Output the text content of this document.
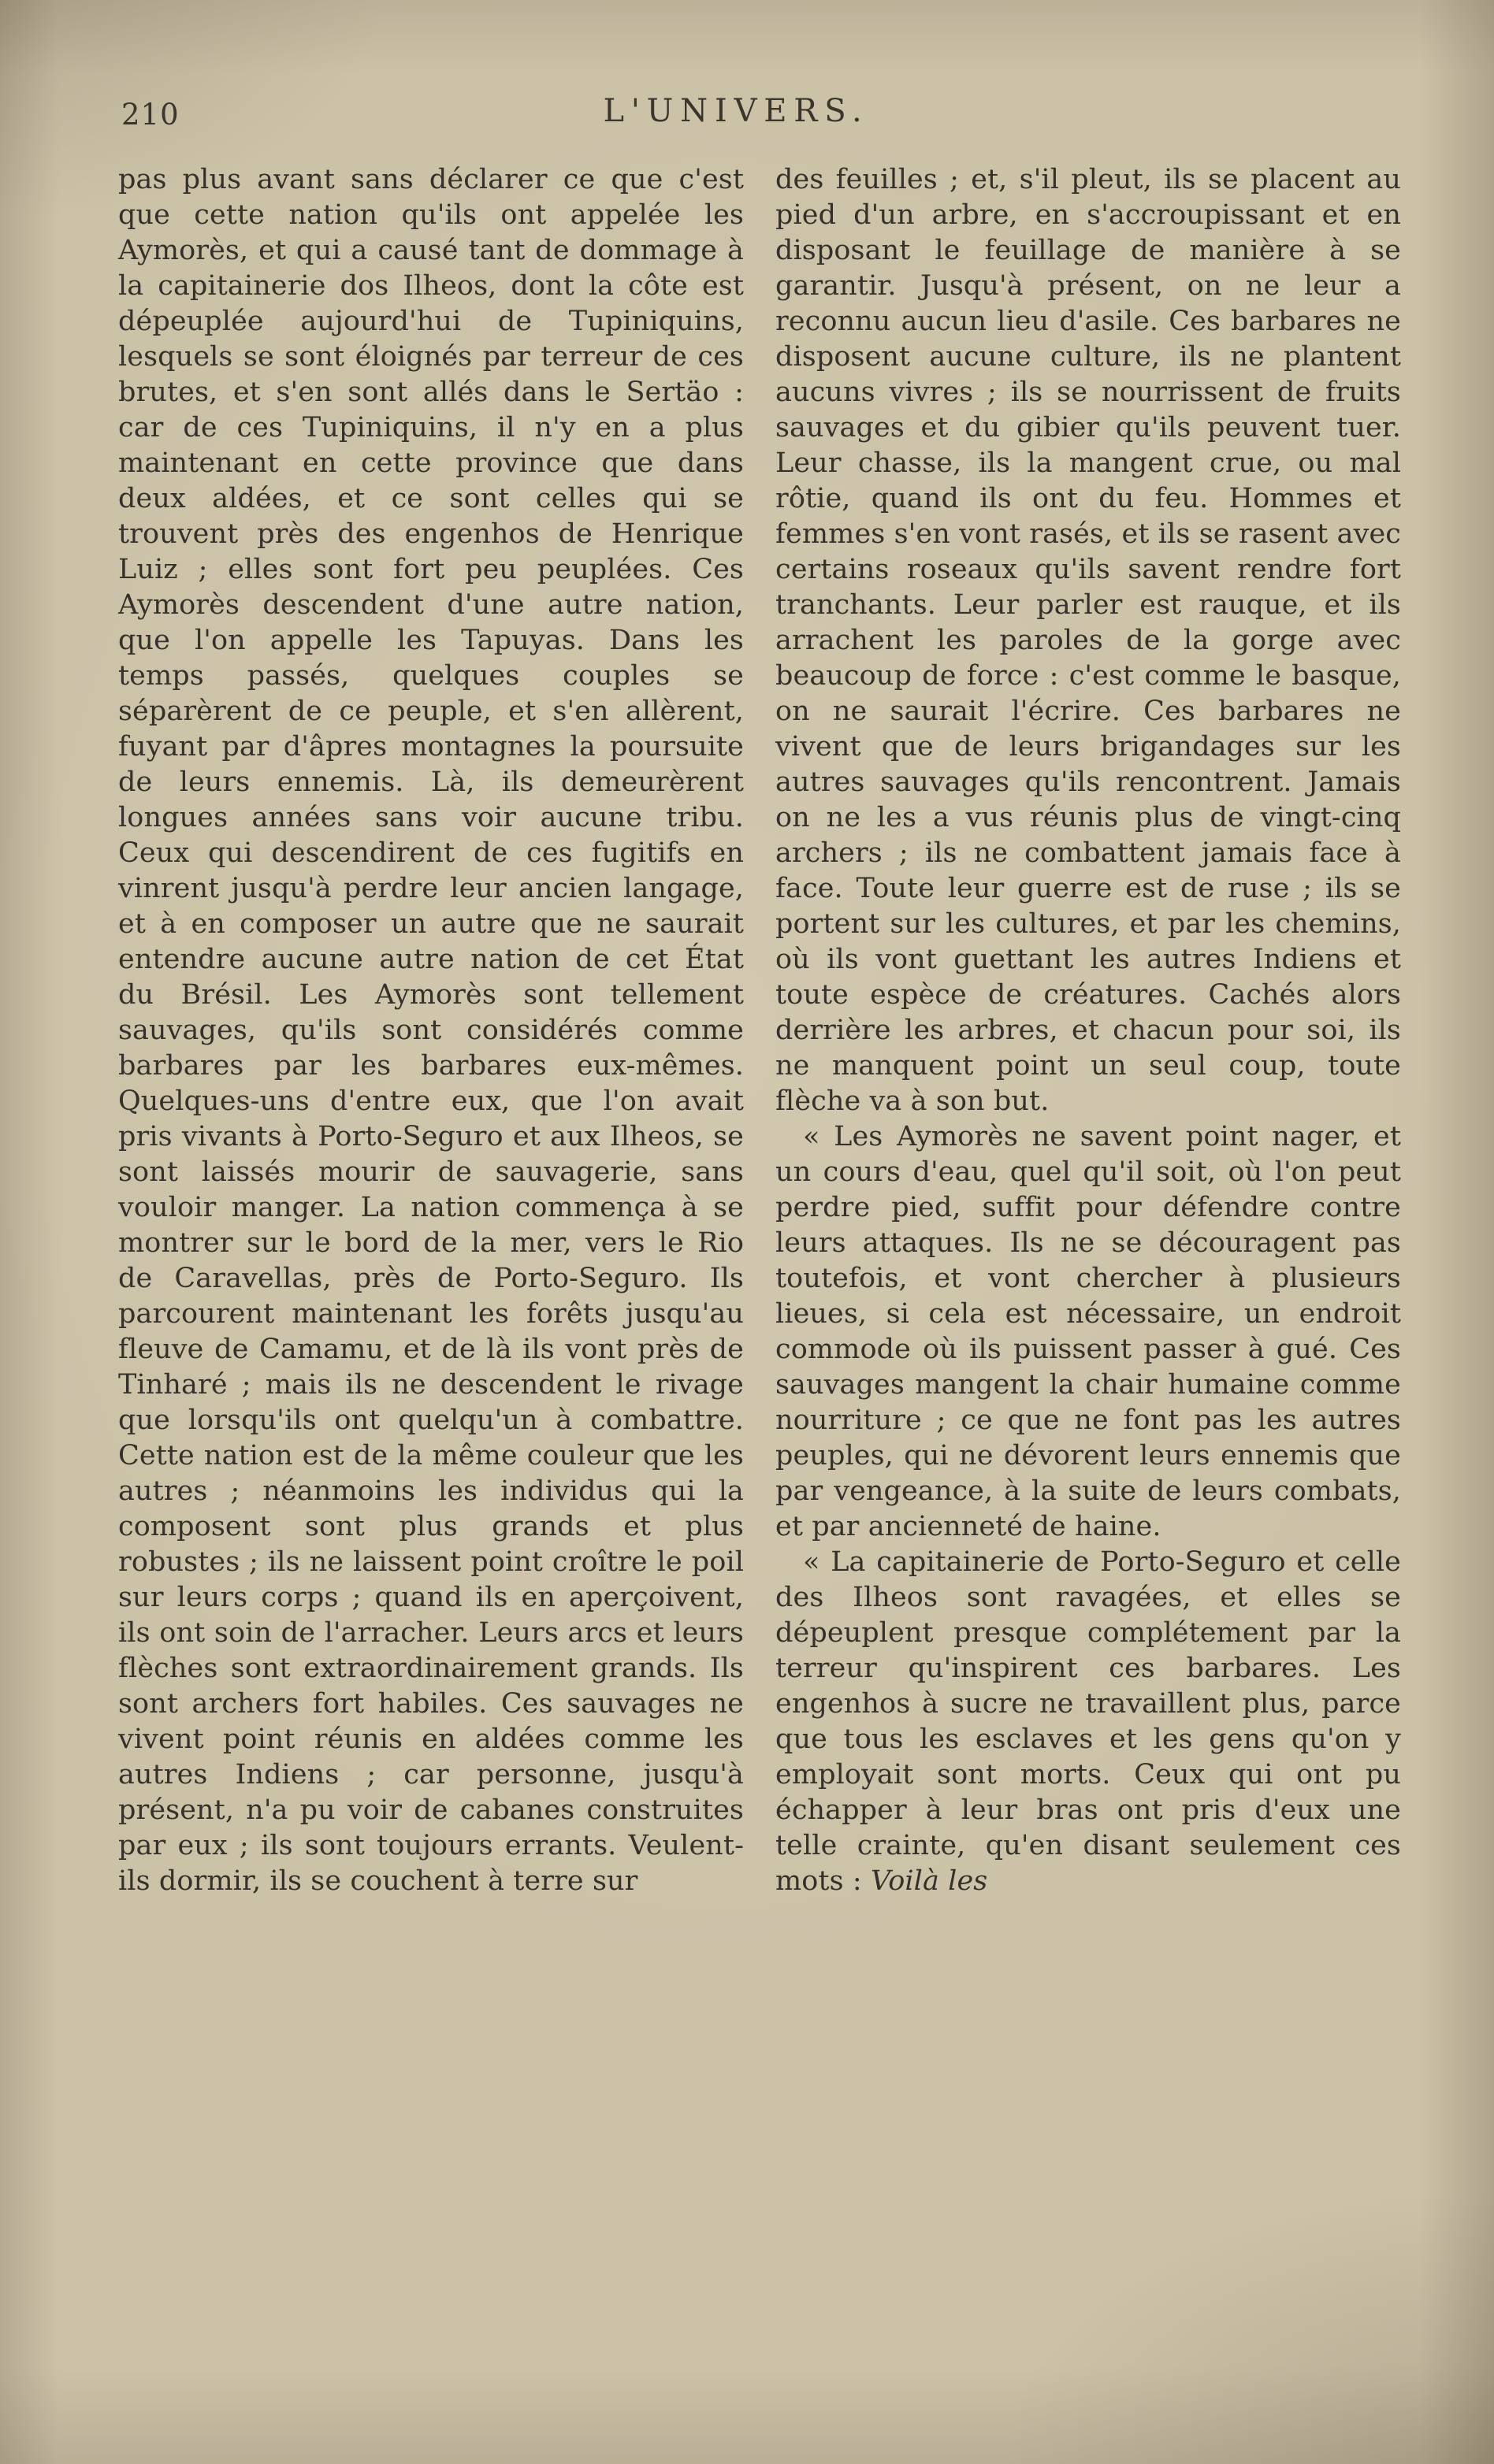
210	L'UNIVERS.

pas plus avant sans déclarer ce que c'est que cette nation qu'ils ont appelée les Aymorès, et qui a causé tant de dommage à la capitainerie dos Ilheos, dont la côte est dépeuplée aujourd'hui de Tupiniquins, lesquels se sont éloignés par terreur de ces brutes, et s'en sont allés dans le Sertäo : car de ces Tupiniquins, il n'y en a plus maintenant en cette province que dans deux aldées, et ce sont celles qui se trouvent près des engenhos de Henrique Luiz ; elles sont fort peu peuplées. Ces Aymorès descendent d'une autre nation, que l'on appelle les Tapuyas. Dans les temps passés, quelques couples se séparèrent de ce peuple, et s'en allèrent, fuyant par d'âpres montagnes la poursuite de leurs ennemis. Là, ils demeurèrent longues années sans voir aucune tribu. Ceux qui descendirent de ces fugitifs en vinrent jusqu'à perdre leur ancien langage, et à en composer un autre que ne saurait entendre aucune autre nation de cet État du Brésil. Les Aymorès sont tellement sauvages, qu'ils sont considérés comme barbares par les barbares eux-mêmes. Quelques-uns d'entre eux, que l'on avait pris vivants à Porto-Seguro et aux Ilheos, se sont laissés mourir de sauvagerie, sans vouloir manger. La nation commença à se montrer sur le bord de la mer, vers le Rio de Caravellas, près de Porto-Seguro. Ils parcourent maintenant les forêts jusqu'au fleuve de Camamu, et de là ils vont près de Tinharé ; mais ils ne descendent le rivage que lorsqu'ils ont quelqu'un à combattre. Cette nation est de la même couleur que les autres ; néanmoins les individus qui la composent sont plus grands et plus robustes ; ils ne laissent point croître le poil sur leurs corps ; quand ils en aperçoivent, ils ont soin de l'arracher. Leurs arcs et leurs flèches sont extraordinairement grands. Ils sont archers fort habiles. Ces sauvages ne vivent point réunis en aldées comme les autres Indiens ; car personne, jusqu'à présent, n'a pu voir de cabanes construites par eux ; ils sont toujours errants. Veulent-ils dormir, ils se couchent à terre sur

des feuilles ; et, s'il pleut, ils se placent au pied d'un arbre, en s'accroupissant et en disposant le feuillage de manière à se garantir. Jusqu'à présent, on ne leur a reconnu aucun lieu d'asile. Ces barbares ne disposent aucune culture, ils ne plantent aucuns vivres ; ils se nourrissent de fruits sauvages et du gibier qu'ils peuvent tuer. Leur chasse, ils la mangent crue, ou mal rôtie, quand ils ont du feu. Hommes et femmes s'en vont rasés, et ils se rasent avec certains roseaux qu'ils savent rendre fort tranchants. Leur parler est rauque, et ils arrachent les paroles de la gorge avec beaucoup de force : c'est comme le basque, on ne saurait l'écrire. Ces barbares ne vivent que de leurs brigandages sur les autres sauvages qu'ils rencontrent. Jamais on ne les a vus réunis plus de vingt-cinq archers ; ils ne combattent jamais face à face. Toute leur guerre est de ruse ; ils se portent sur les cultures, et par les chemins, où ils vont guettant les autres Indiens et toute espèce de créatures. Cachés alors derrière les arbres, et chacun pour soi, ils ne manquent point un seul coup, toute flèche va à son but.

« Les Aymorès ne savent point nager, et un cours d'eau, quel qu'il soit, où l'on peut perdre pied, suffit pour défendre contre leurs attaques. Ils ne se découragent pas toutefois, et vont chercher à plusieurs lieues, si cela est nécessaire, un endroit commode où ils puissent passer à gué. Ces sauvages mangent la chair humaine comme nourriture ; ce que ne font pas les autres peuples, qui ne dévorent leurs ennemis que par vengeance, à la suite de leurs combats, et par ancienneté de haine.

« La capitainerie de Porto-Seguro et celle des Ilheos sont ravagées, et elles se dépeuplent presque complétement par la terreur qu'inspirent ces barbares. Les engenhos à sucre ne travaillent plus, parce que tous les esclaves et les gens qu'on y employait sont morts. Ceux qui ont pu échapper à leur bras ont pris d'eux une telle crainte, qu'en disant seulement ces mots : Voilà les
